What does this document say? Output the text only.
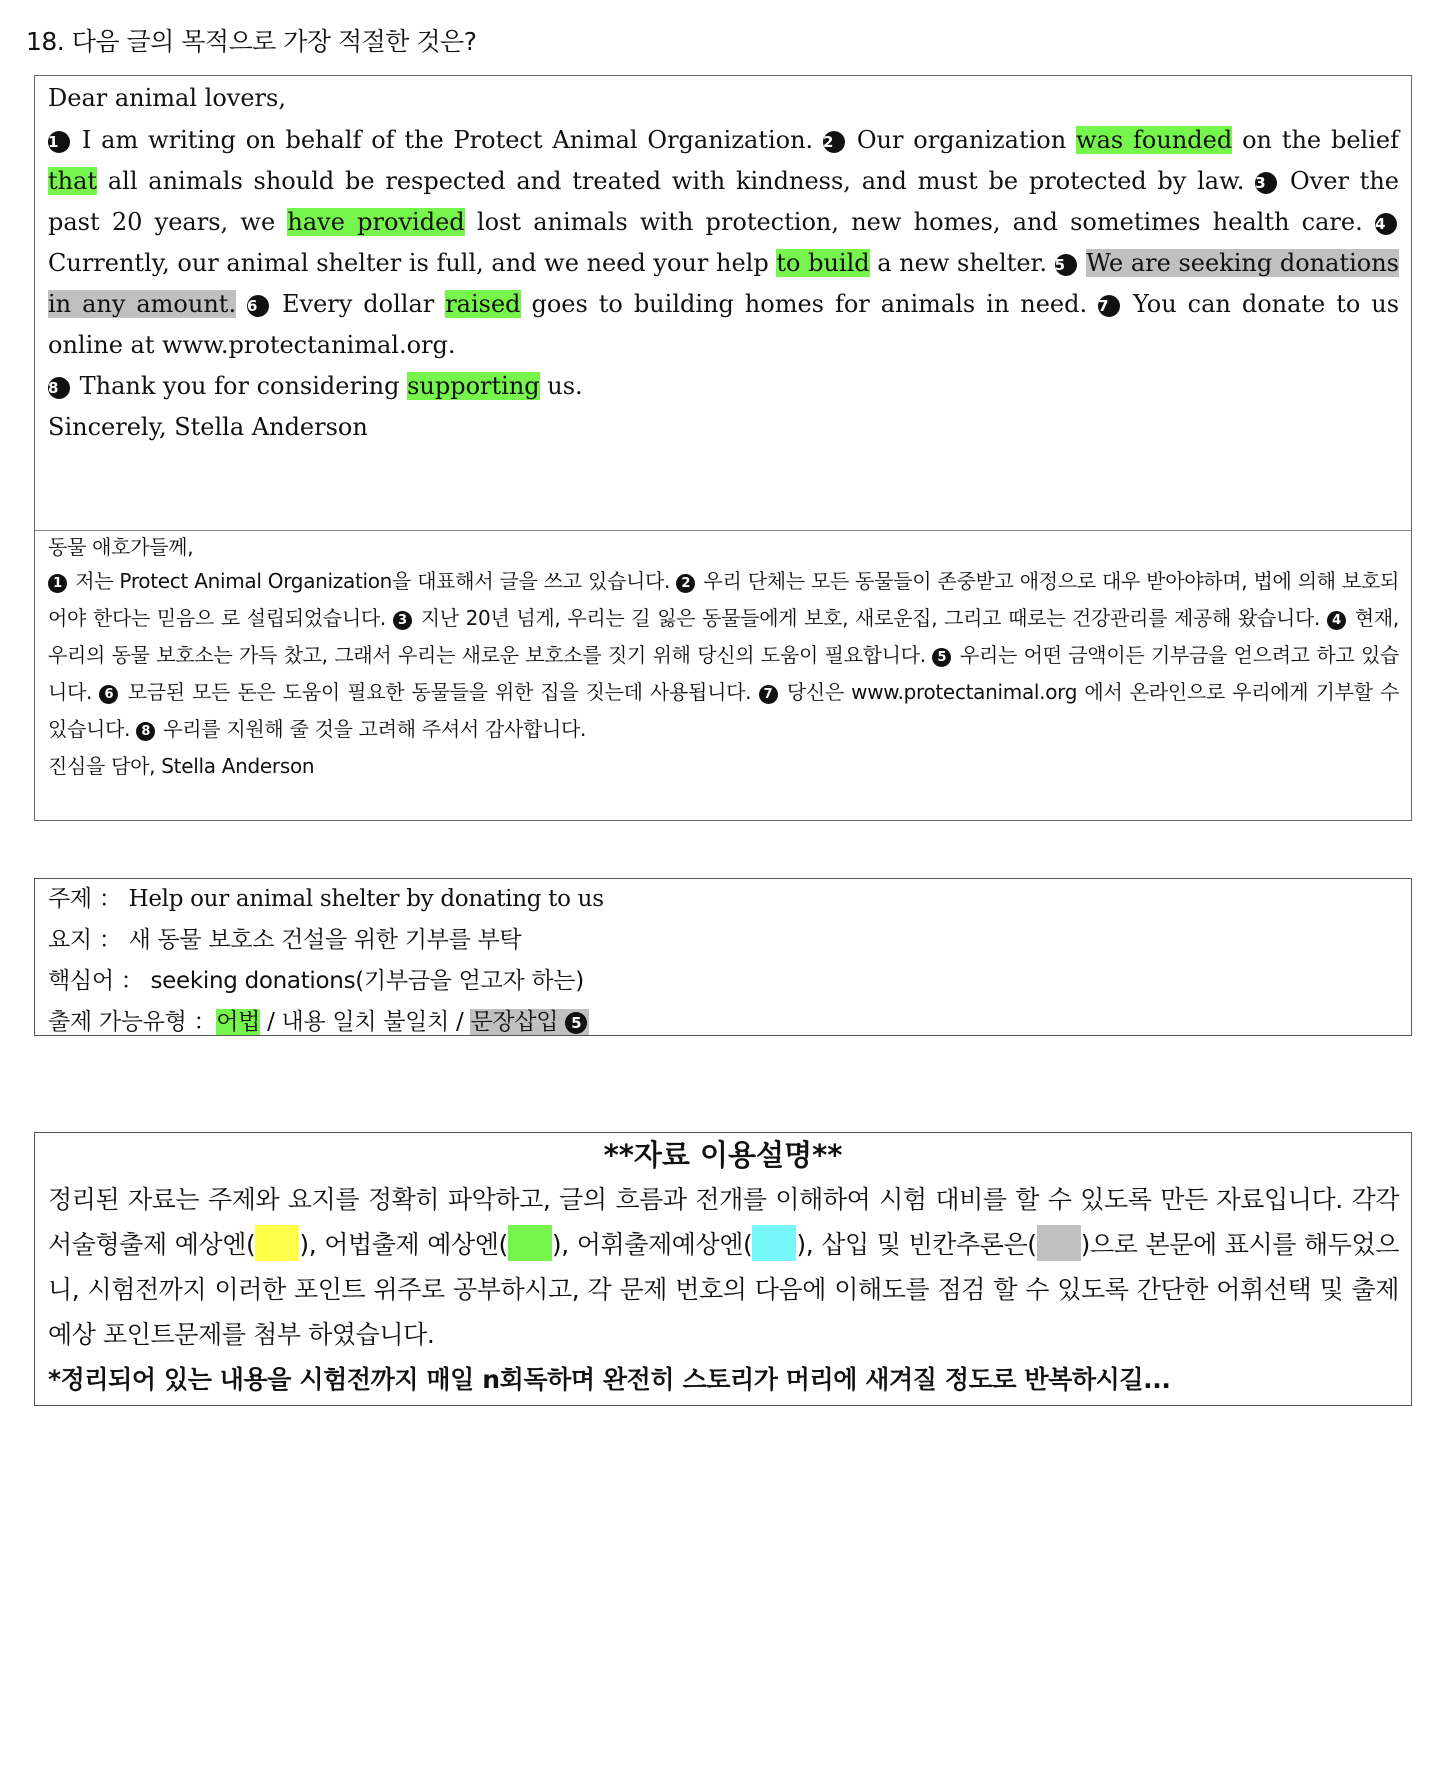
18. 다음 글의 목적으로 가장 적절한 것은?

Dear animal lovers,

1 I am writing on behalf of the Protect Animal Organization. 2 Our organization was founded on the belief that all animals should be respected and treated with kindness, and must be protected by law. 3 Over the past 20 years, we have provided lost animals with protection, new homes, and sometimes health care. 4 Currently, our animal shelter is full, and we need your help to build a new shelter. 5 We are seeking donations in any amount. 6 Every dollar raised goes to building homes for animals in need. 7 You can donate to us online at www.protectanimal.org.

8 Thank you for considering supporting us.

Sincerely, Stella Anderson

동물 애호가들께,

1 저는 Protect Animal Organization을 대표해서 글을 쓰고 있습니다. 2 우리 단체는 모든 동물들이 존중받고 애정으로 대우 받아야하며, 법에 의해 보호되어야 한다는 믿음으 로 설립되었습니다. 3 지난 20년 넘게, 우리는 길 잃은 동물들에게 보호, 새로운집, 그리고 때로는 건강관리를 제공해 왔습니다. 4 현재, 우리의 동물 보호소는 가득 찼고, 그래서 우리는 새로운 보호소를 짓기 위해 당신의 도움이 필요합니다. 5 우리는 어떤 금액이든 기부금을 얻으려고 하고 있습니다. 6 모금된 모든 돈은 도움이 필요한 동물들을 위한 집을 짓는데 사용됩니다. 7 당신은 www.protectanimal.org 에서 온라인으로 우리에게 기부할 수 있습니다. 8 우리를 지원해 줄 것을 고려해 주셔서 감사합니다.

진심을 담아, Stella Anderson

주제 ： Help our animal shelter by donating to us
요지 ： 새 동물 보호소 건설을 위한 기부를 부탁
핵심어 ： seeking donations(기부금을 얻고자 하는)
출제 가능유형 ：어법 / 내용 일치 불일치 / 문장삽입 5
**자료 이용설명**

정리된 자료는 주제와 요지를 정확히 파악하고, 글의 흐름과 전개를 이해하여 시험 대비를 할 수 있도록 만든 자료입니다. 각각 서술형출제 예상엔( ), 어법출제 예상엔( ), 어휘출제예상엔( ), 삽입 및 빈칸추론은( )으로 본문에 표시를 해두었으니, 시험전까지 이러한 포인트 위주로 공부하시고, 각 문제 번호의 다음에 이해도를 점검 할 수 있도록 간단한 어휘선택 및 출제 예상 포인트문제를 첨부 하였습니다.

*정리되어 있는 내용을 시험전까지 매일 n회독하며 완전히 스토리가 머리에 새겨질 정도로 반복하시길...
